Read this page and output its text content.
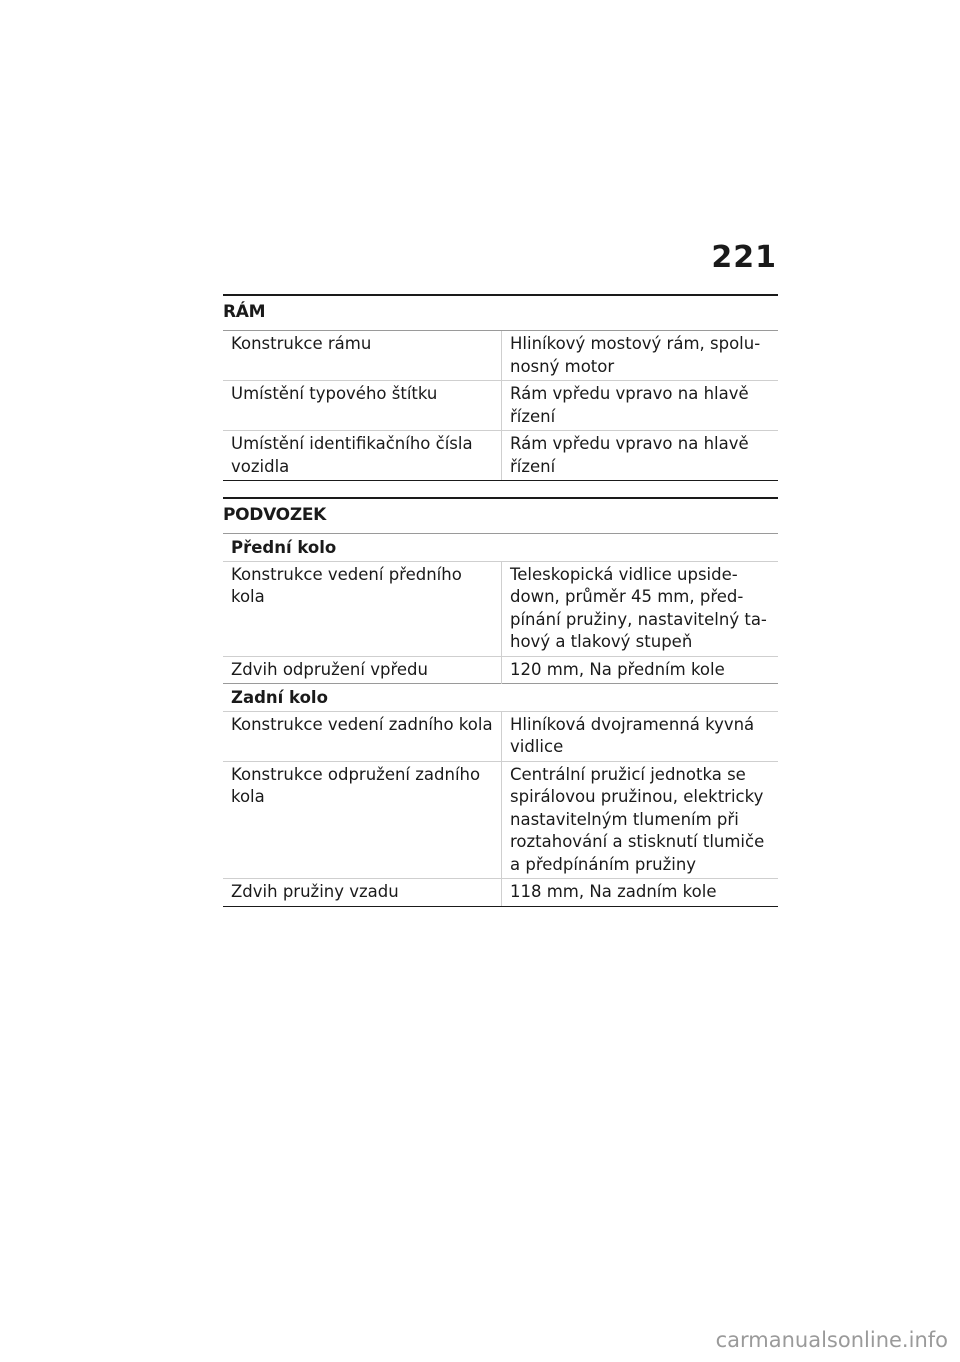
221
RÁM
Konstrukce rámu	Hliníkový mostový rám, spolu-nosný motor
Umístění typového štítku	Rám vpředu vpravo na hlavě řízení
Umístění identifikačního čísla vozidla	Rám vpředu vpravo na hlavě řízení
PODVOZEK
Přední kolo	
Konstrukce vedení předního kola	Teleskopická vidlice upside-down, průměr 45 mm, před-pínání pružiny, nastavitelný ta-hový a tlakový stupeň
Zdvih odpružení vpředu	120 mm, Na předním kole
Zadní kolo	
Konstrukce vedení zadního kola	Hliníková dvojramenná kyvná vidlice
Konstrukce odpružení zadního kola	Centrální pružicí jednotka se spirálovou pružinou, elektricky nastavitelným tlumením při roztahování a stisknutí tlumiče a předpínáním pružiny
Zdvih pružiny vzadu	118 mm, Na zadním kole
carmanualsonline.info
